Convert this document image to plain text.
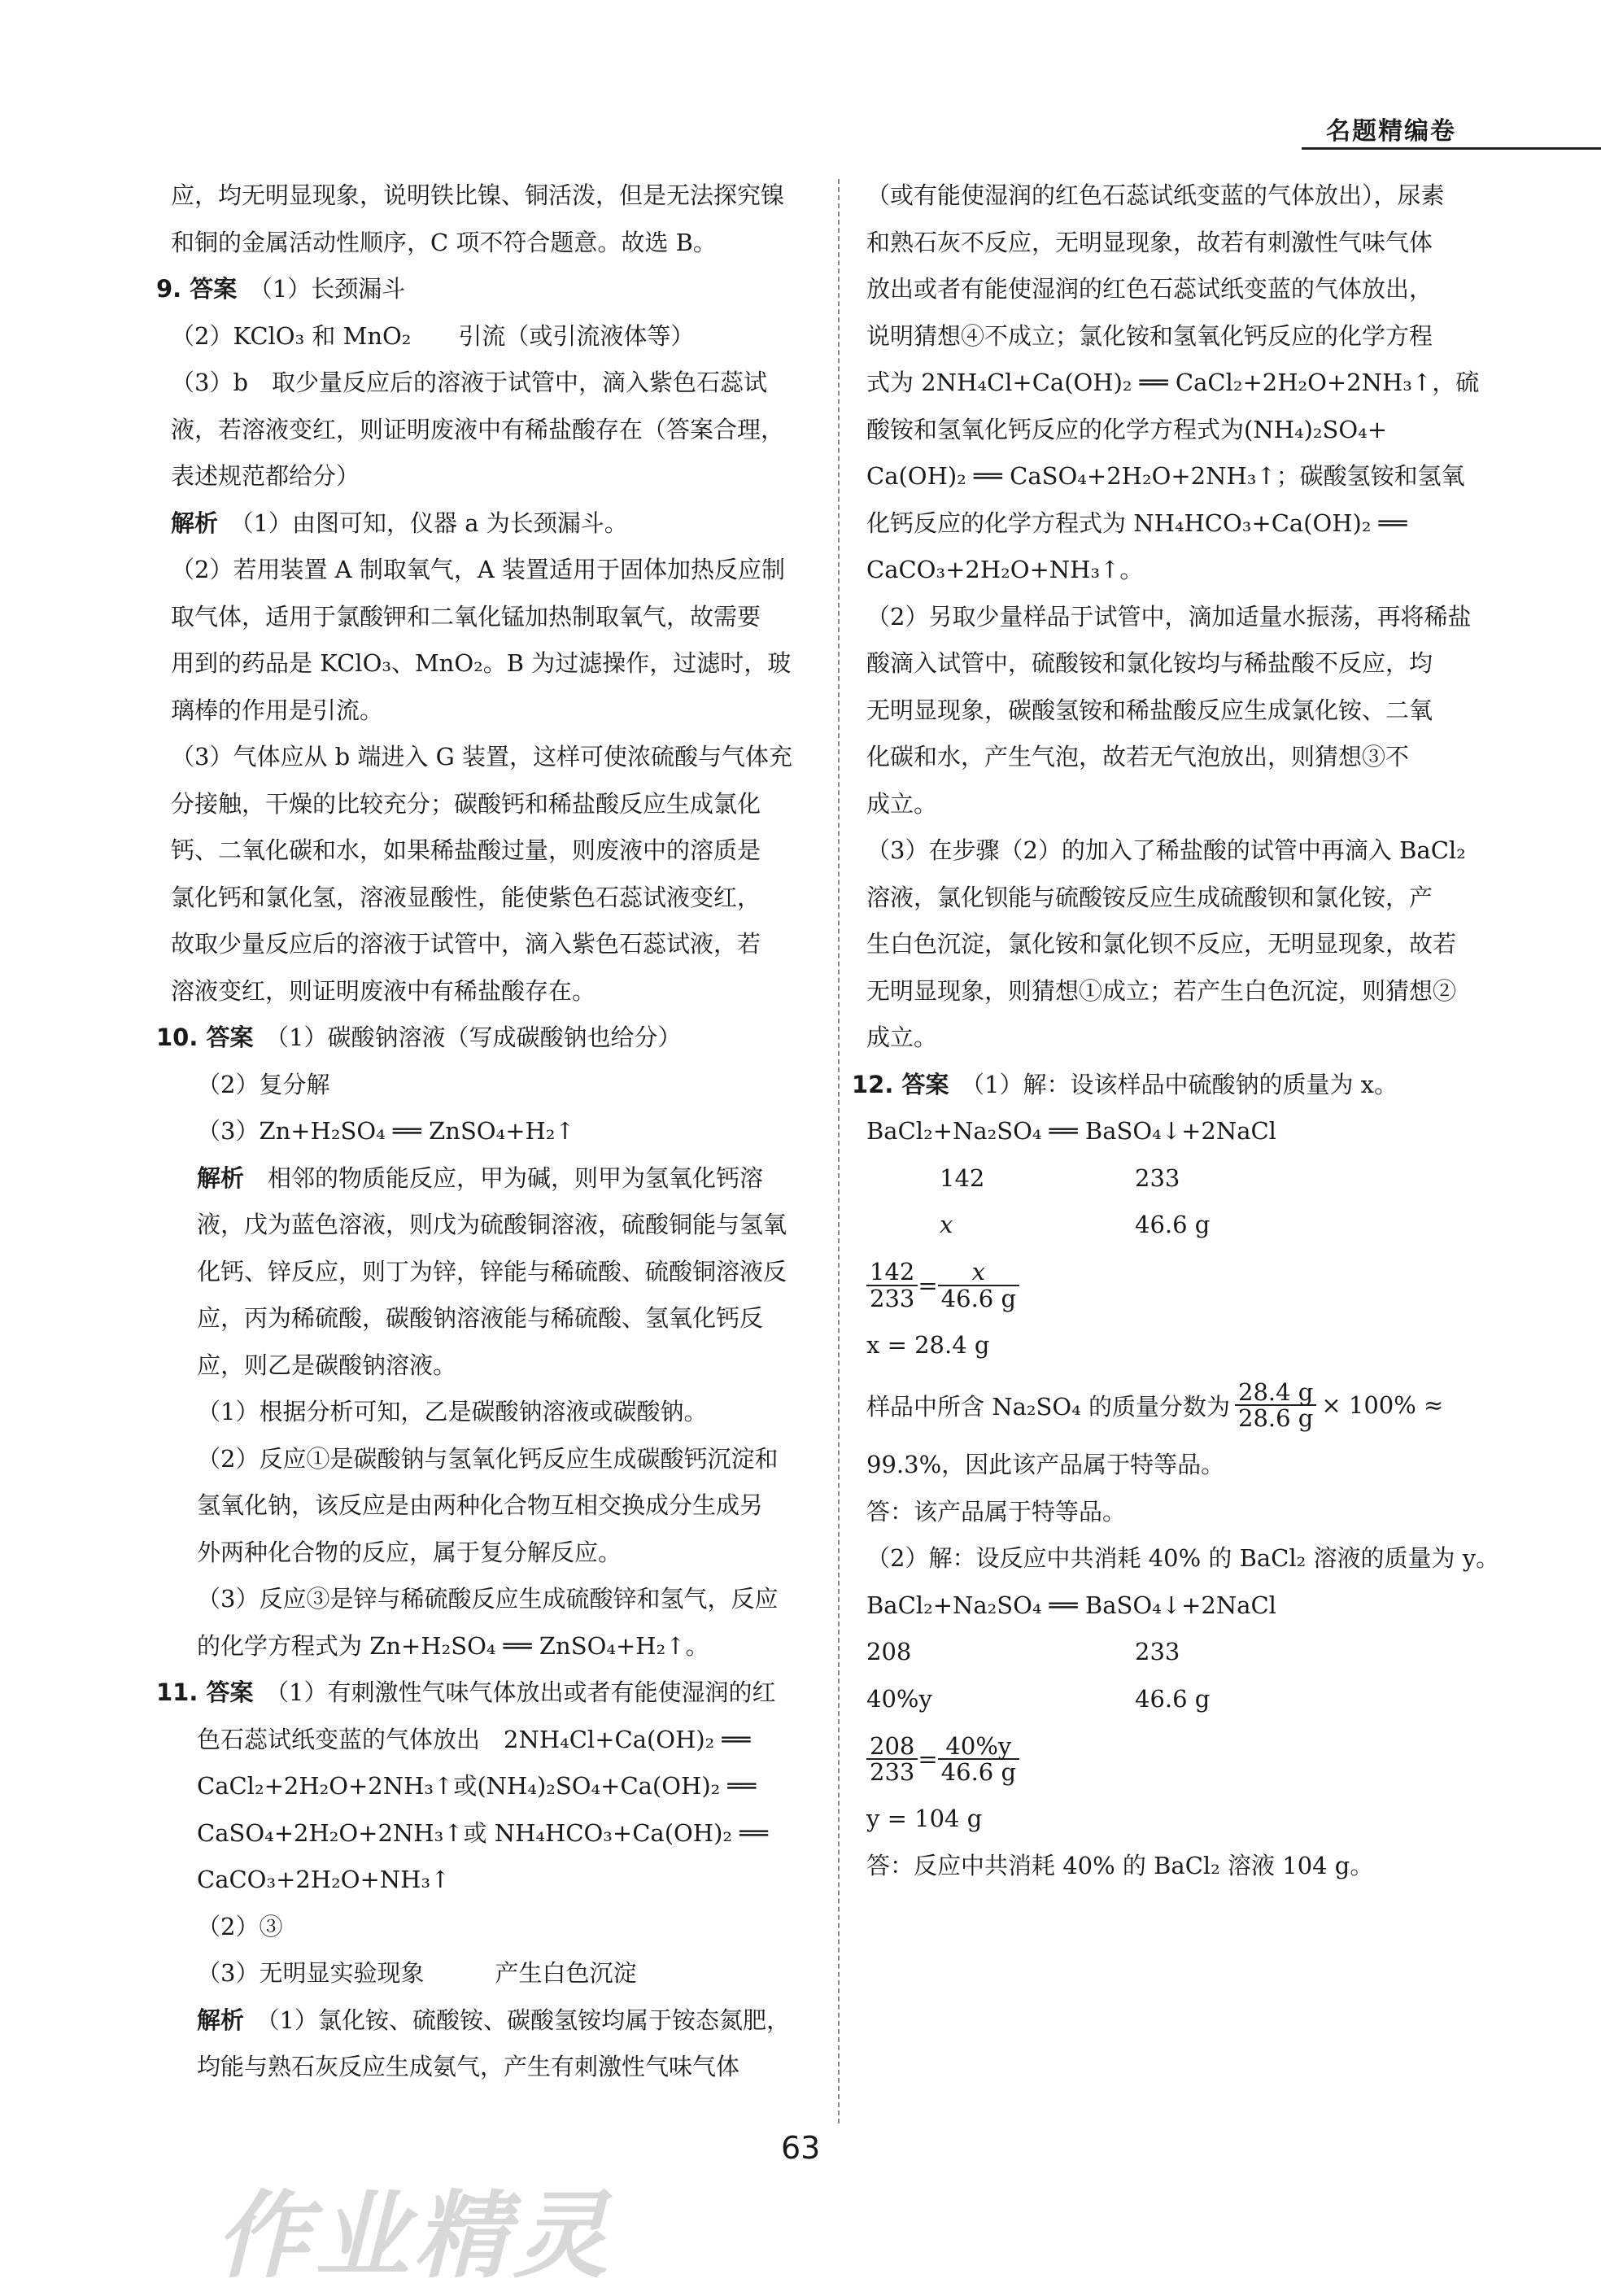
名题精编卷
应，均无明显现象，说明铁比镍、铜活泼，但是无法探究镍
和铜的金属活动性顺序，C 项不符合题意。故选 B。
9. 答案　 （1）长颈漏斗
（2）KClO₃ 和 MnO₂　　引流（或引流液体等）
（3）b　取少量反应后的溶液于试管中，滴入紫色石蕊试
液，若溶液变红，则证明废液中有稀盐酸存在（答案合理，
表述规范都给分）
解析　 （1）由图可知，仪器 a 为长颈漏斗。
（2）若用装置 A 制取氧气，A 装置适用于固体加热反应制
取气体，适用于氯酸钾和二氧化锰加热制取氧气，故需要
用到的药品是 KClO₃、MnO₂。B 为过滤操作，过滤时，玻
璃棒的作用是引流。
（3）气体应从 b 端进入 G 装置，这样可使浓硫酸与气体充
分接触，干燥的比较充分；碳酸钙和稀盐酸反应生成氯化
钙、二氧化碳和水，如果稀盐酸过量，则废液中的溶质是
氯化钙和氯化氢，溶液显酸性，能使紫色石蕊试液变红，
故取少量反应后的溶液于试管中，滴入紫色石蕊试液，若
溶液变红，则证明废液中有稀盐酸存在。
10. 答案　 （1）碳酸钠溶液（写成碳酸钠也给分）
（2）复分解
（3）Zn+H₂SO₄ ══ ZnSO₄+H₂↑
解析　 相邻的物质能反应，甲为碱，则甲为氢氧化钙溶
液，戊为蓝色溶液，则戊为硫酸铜溶液，硫酸铜能与氢氧
化钙、锌反应，则丁为锌，锌能与稀硫酸、硫酸铜溶液反
应，丙为稀硫酸，碳酸钠溶液能与稀硫酸、氢氧化钙反
应，则乙是碳酸钠溶液。
（1）根据分析可知，乙是碳酸钠溶液或碳酸钠。
（2）反应①是碳酸钠与氢氧化钙反应生成碳酸钙沉淀和
氢氧化钠，该反应是由两种化合物互相交换成分生成另
外两种化合物的反应，属于复分解反应。
（3）反应③是锌与稀硫酸反应生成硫酸锌和氢气，反应
的化学方程式为 Zn+H₂SO₄ ══ ZnSO₄+H₂↑。
11. 答案　 （1）有刺激性气味气体放出或者有能使湿润的红
色石蕊试纸变蓝的气体放出　2NH₄Cl+Ca(OH)₂ ══
CaCl₂+2H₂O+2NH₃↑或(NH₄)₂SO₄+Ca(OH)₂ ══
CaSO₄+2H₂O+2NH₃↑或 NH₄HCO₃+Ca(OH)₂ ══
CaCO₃+2H₂O+NH₃↑
（2）③
（3）无明显实验现象　　　产生白色沉淀
解析　 （1）氯化铵、硫酸铵、碳酸氢铵均属于铵态氮肥，
均能与熟石灰反应生成氨气，产生有刺激性气味气体
（或有能使湿润的红色石蕊试纸变蓝的气体放出），尿素
和熟石灰不反应，无明显现象，故若有刺激性气味气体
放出或者有能使湿润的红色石蕊试纸变蓝的气体放出，
说明猜想④不成立；氯化铵和氢氧化钙反应的化学方程
式为 2NH₄Cl+Ca(OH)₂ ══ CaCl₂+2H₂O+2NH₃↑，硫
酸铵和氢氧化钙反应的化学方程式为(NH₄)₂SO₄+
Ca(OH)₂ ══ CaSO₄+2H₂O+2NH₃↑；碳酸氢铵和氢氧
化钙反应的化学方程式为 NH₄HCO₃+Ca(OH)₂ ══
CaCO₃+2H₂O+NH₃↑。
（2）另取少量样品于试管中，滴加适量水振荡，再将稀盐
酸滴入试管中，硫酸铵和氯化铵均与稀盐酸不反应，均
无明显现象，碳酸氢铵和稀盐酸反应生成氯化铵、二氧
化碳和水，产生气泡，故若无气泡放出，则猜想③不
成立。
（3）在步骤（2）的加入了稀盐酸的试管中再滴入 BaCl₂
溶液，氯化钡能与硫酸铵反应生成硫酸钡和氯化铵，产
生白色沉淀，氯化铵和氯化钡不反应，无明显现象，故若
无明显现象，则猜想①成立；若产生白色沉淀，则猜想②
成立。
12. 答案　 （1）解：设该样品中硫酸钠的质量为 x。
BaCl₂+Na₂SO₄ ══ BaSO₄↓+2NaCl
142	233
x	46.6 g
$\frac{142}{233} = \frac{x}{46.6 g}$
x = 28.4 g
样品中所含 Na₂SO₄ 的质量分数为 $\frac{28.4 g}{28.6 g} \times 100\%$ ≈
99.3%，因此该产品属于特等品。
答：该产品属于特等品。
（2）解：设反应中共消耗 40% 的 BaCl₂ 溶液的质量为 y。
BaCl₂+Na₂SO₄ ══ BaSO₄↓+2NaCl
208	233
40%y	46.6 g
$\frac{208}{233} = \frac{40\%y}{46.6 g}$
y = 104 g
答：反应中共消耗 40% 的 BaCl₂ 溶液 104 g。
63
作业精灵
